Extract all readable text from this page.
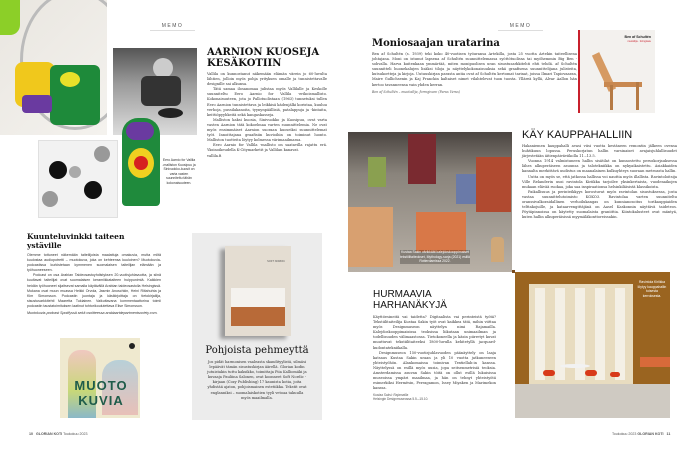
Eero Aarnio for Vallila -malliston Kuosipuu ja Sinivuokko-kuosit on varta vasten suunniteltu tähän kokonaisuuteen.
MEMO
AARNION KUOSEJA KESÄKOTIIN

Vallila on kunnostanut näkemään elämän värein jo 60-luvulta lähtien, jolloin myös pohja yrityksen omalle ja tunnistettavalle designille sai alkunsa.

Tätä samaa ilosanomaa julistaa myös Vallilalle ja Keskolle suunniteltu Eero Aarnio for Vallila -erikoismallisto. Kokonaisuuteen, jota jo Pallotuolistaan (1963) tunnetuksi tullen Eero Aarnion tunnistettava ja leikkisä kädenjälki koristaa, kuuluu verhoja, pussilakanoita, tyynynpäällisiä, patalappuja ja -kintaita, keittiöpyyhkeitä sekä kangaskasseja.

Malliston kaksi kuosia, Sinivuokko ja Kuosipuu, ovat varta vasten Aarnion tätä kokoelmaa varten suunnittelemia. Ne ovat myös ensimmäiset Aarnion suoraan kuoseiksi suunnittelemat työt. Innoittajana graafisiin kuvioihin on toiminut luonto. Malliston tuotteita löytyy kolmessa värimaailmassa.

Eero Aarnio for Vallila -mallisto on saatavilla rajattu erä. Yksinoikeudella K-Citymarketit ja Vallilan kanavat.

vallila.fi

Kuunteluvinkki taiteen ystäville

Olemme tottuneet näkemään taiteilijoista maalattuja omakuvia, mutta miltä kuulostaa audiopotretti – muotokuva, joka on kehteensa kuuloinen? Muotokuvia-podcastissa kurkistetaan kymmenen suomalaisen taiteilijan elämään ja työhuoneeseen.

Podcast on osa Arabian Taideosastoyhdistyksen 20-vuotisjuhlavuotta, ja siinä kuultavat taiteilijat ovat suomalaisen keramiikkataiteen huippunimiä. Kaikkien heidän työhuoneet sijaitsevat samalla käytävällä Arabian taideosastolla Helsingissä. Mukana ovat muun muassa Heikki Orvola, Jasmin Anoschkin, Heini Riitahuhta ja Kim Simonsson. Podcastin juontaja ja käsikirjoittaja on tietokirjailija, sisustusarkkitehti Maaretta Tukiainen. Vaikuttavana kommentaattorina toimii podcastin taustatoimituksen laatinut tohtorikoulutettava Elise Simonsson.

Muotokuvia-podcast Spotifyssä sekä osoitteessa arabiaartdepartmentsociety.com.

MUOTO
KUVIA
SOFT NORDIC
Pohjoista pehmeyttä

Jos pidät harmonisen vaaleasta skandityylistä, silmäsi lepäävät tämän sisustuskirjan äärellä. Glorian kodin jutuistakin tuttu kaksikko, toimittaja Piia Kalliomäki ja kuvaaja Pauliina Salonen, ovat koonneet Soft Nordic -kirjaan (Cozy Publishing) 17 kaunista kotia, joita yhdistää ajaton, pohjoismainen estetiikka. Tekstit ovat englanniksi – suomalaiskotien tyyli vetoaa takuulla myös maailmalla.

10 GLORIAN KOTI Toukokuu 2023
MEMO
Moniosaajan uratarina

Ben af Schultén (s. 1939) teki koko 40-vuotisen työuransa Artekilla, josta 25 vuotta Artekin taiteellisena johtajana. Moni on istunut lapsena af Schultén suunnittelemassa syöttötuolissa tai myöhemmin Big Ben -sohvalla. Harva kuitenkaan ymmärtää, miten monipuolisen uran sisustusarkkitehti ehti tehdä. af Schultén suunnitteli huonekalujen lisäksi tiloja ja näyttelykokonaisuuksia sekä graafisena suunnittelijana julisteita, kutsukortteja ja kirjoja. Uutuuskirjan parasta antia ovat af Schultén kertomat tarinat, joissa Ilmari Tapiovaaran, Maire Gullichsenin ja Kaj Franckin kaltaiset nimet vilahtelevat tuon tuosta. Ylläreä kyllä, Alvar Aallon hän kertoo tavanneensa vain yhden kerran.

Ben af Schultén – muotoilija, formgivare (Parus Verus)

Ben af Schultén
muotoilija · formgivare
Kustaa Sakin värikkäät kalejdoskooppimaiset tekstiilitaiteokset, Mythology-sarja (2021) esillä Rotterdamissa 2022.
KÄY KAUPPAHALLIIN

Hakaniemen kauppahalli avasi viisi vuotta kestäneen remontin jälkeen ovensa huhtikuun lopussa. Peruskorjatun hallin varsinaiset avajaisjuhlallisuudet järjestetään äitienpäiväviikolla 11.–13.5.

Vuonna 1914 valmistuneen hallin sisätilat on kunnostettu peruskorjauksessa lähes alkuperäiseen asuunsa ja talotekniikka on nykyaikaistettu. Asiakkaiden kannalta merkittävä uudistus on maanalainen kulkuyhteys suoraan metroasta hallin.

Uutta on myös se, että jatkossa hallissa voi nauttia myös illallista. Ravintoloitsija Ville Relanderin uusi ravintola Kiriikka tarjoilee yksinkertaista, vuodenaikojen mukaan elävää ruokaa, joka saa inspiraationsa helsinkiläisistä klassikoista.

Paikallisuus ja perinteikkyys korostuvat myös ravintolan sisustuksessa, josta vastaa suunnittelutoimisto KOKO3. Ravintolaa varten suunniteltu oranssivalkoraidallinen verhoilukangas on kunnianosoitus torikauppiaiden telttakojuille, ja kataarvengittäjänä on Aasel Kaskonnin näyttävä taideteos. Pöytäpinnoissa on käytetty suomalaista graniittia. Kiintokalusteet ovat mäntyä, kuten hallin alkuperäisissä myymäläkonttoreissakin.

HURMAAVIA HARHANÄKYJÄ

Käyttöesineitä vai taidetta? Digitaalista vai perinteistä työtä? Tekstiilitaiteilija Kustaa Sakin työt ovat kaikkea tätä, mihin viittaa myös Designmuseon näyttelyn nimi Rajamailla. Kalejdoskooppimaisissa teoksissa liikutaan unimaailman ja todellisuuden välimaastossa. Tietokoneella ja käsin piirretyt kuvat muuttuvat tekstiilitaiteeksi 1800-luvulla kehitetyllä jacquard-kudontatekniikalla.

Designmuseon 150-vuotisjuhlavuoden päänäyttely on laaja katsaus Kustaa Sakin uraan ja yli 10 vuotta jatkuneeseen yhteistyöhön. Alankomaissa toimivan Textiellab:in kanssa. Näyttelyssä on esillä myös uusia, jopa seitsenmetrisiä teoksia. Amsterdamissa asuvan Sakin töitä on ollut esillä lukuisissa museoissa ympäri maailmaa, ja hän on tehnyt yhteistyötä esimerkiksi Hermèsin, Ferragamon, Issey Miyaken ja Marimekon kanssa.

Kustaa Saksi: Rajamailla

Helsingin Designmuseossa 5.5.–15.10.

Ravintola Kiriikka löytyy kauppahallin toisesta kerroksesta.
Toukokuu 2023 GLORIAN KOTI 11
